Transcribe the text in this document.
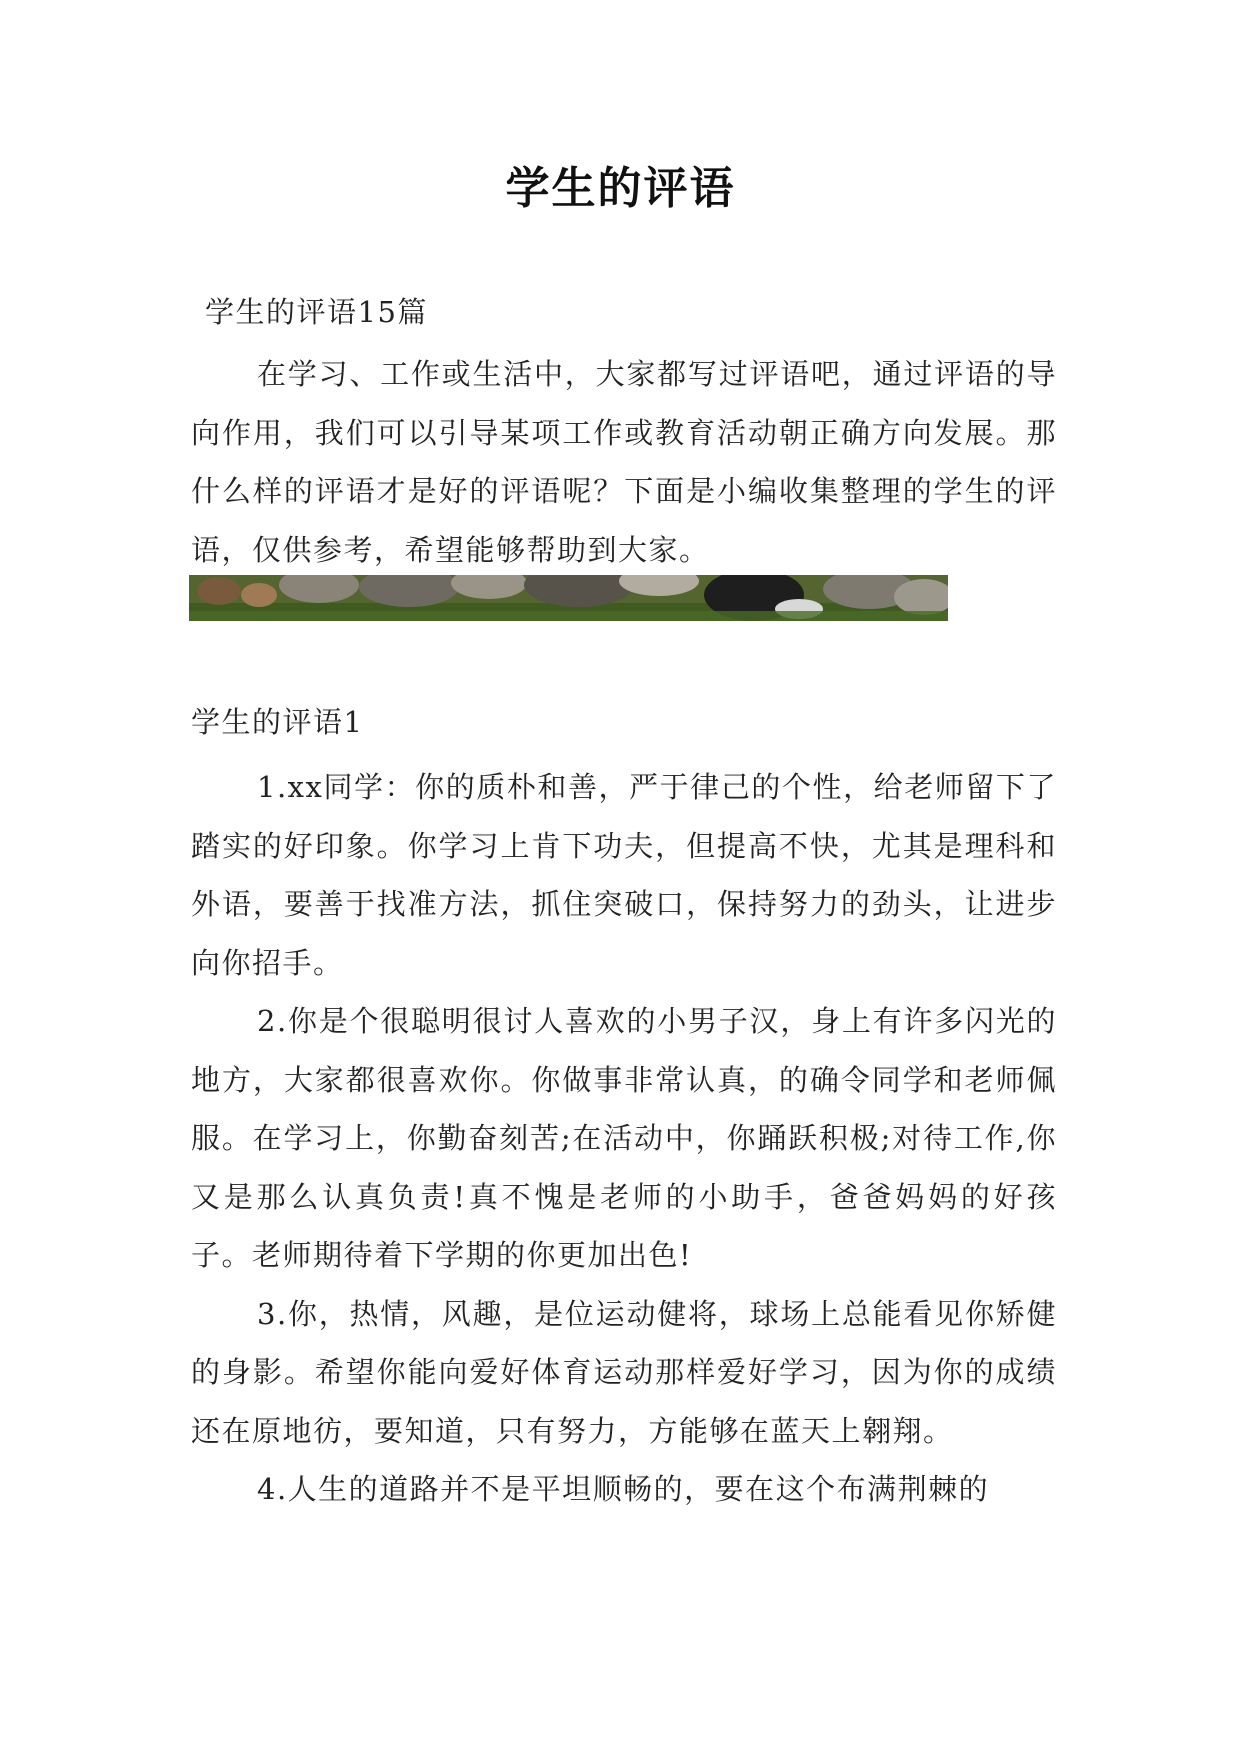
学生的评语
学生的评语15篇
在学习、工作或生活中，大家都写过评语吧，通过评语的导向作用，我们可以引导某项工作或教育活动朝正确方向发展。那什么样的评语才是好的评语呢？下面是小编收集整理的学生的评语，仅供参考，希望能够帮助到大家。
学生的评语1

1.xx同学：你的质朴和善，严于律己的个性，给老师留下了踏实的好印象。你学习上肯下功夫，但提高不快，尤其是理科和外语，要善于找准方法，抓住突破口，保持努力的劲头，让进步向你招手。

2.你是个很聪明很讨人喜欢的小男子汉，身上有许多闪光的地方，大家都很喜欢你。你做事非常认真，的确令同学和老师佩服。在学习上，你勤奋刻苦;在活动中，你踊跃积极;对待工作,你又是那么认真负责!真不愧是老师的小助手，爸爸妈妈的好孩子。老师期待着下学期的你更加出色!

3.你，热情，风趣，是位运动健将，球场上总能看见你矫健的身影。希望你能向爱好体育运动那样爱好学习，因为你的成绩还在原地彷，要知道，只有努力，方能够在蓝天上翱翔。

4.人生的道路并不是平坦顺畅的，要在这个布满荆棘的
